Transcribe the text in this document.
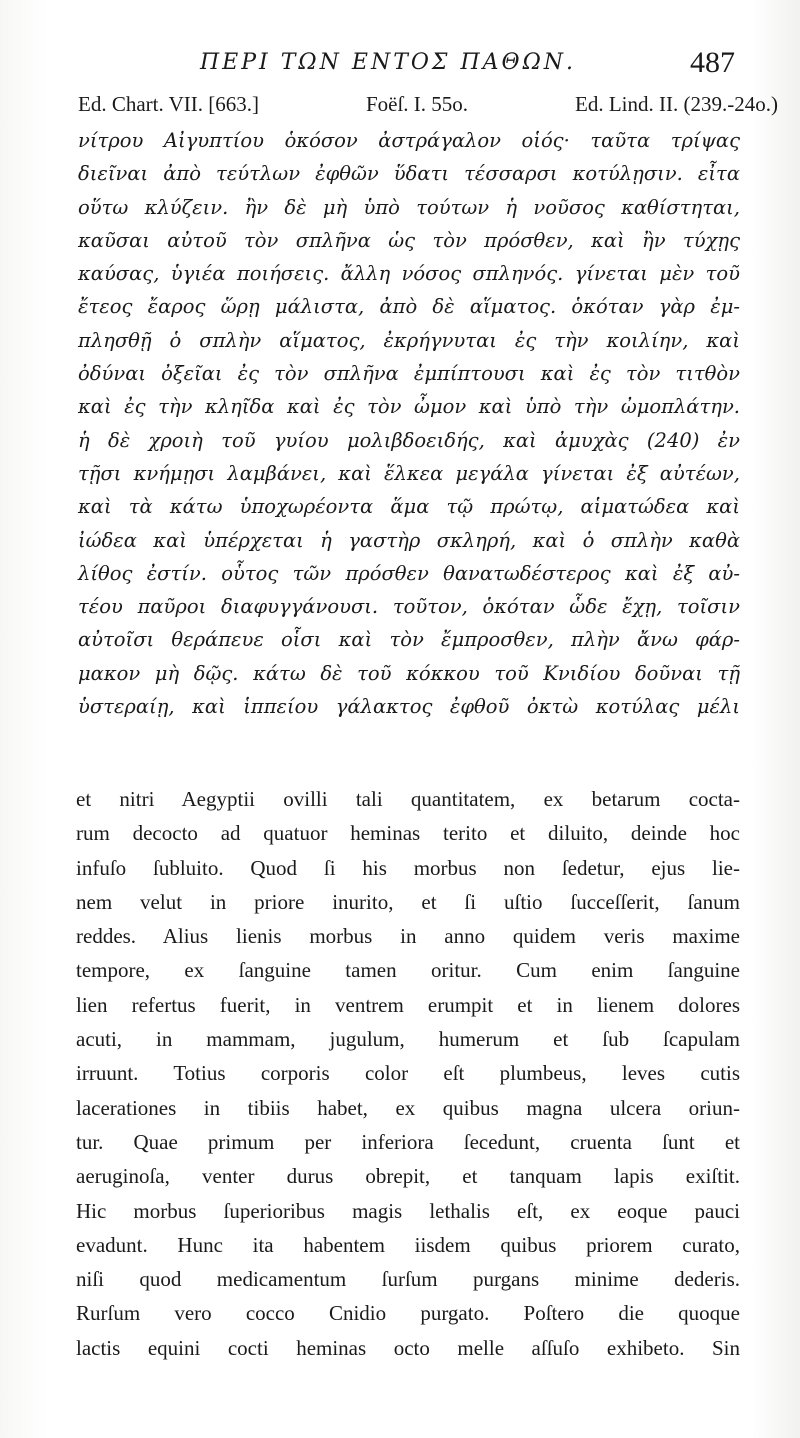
ΠΕΡΙ ΤΩΝ ΕΝΤΟΣ ΠΑΘΩΝ.	487
Ed. Chart. VII. [663.]	Foëſ. I. 55o.	Ed. Lind. II. (239.-24o.)
νίτρου Αἰγυπτίου ὁκόσον ἀστράγαλον οἱός· ταῦτα τρίψας
διεῖναι ἀπὸ τεύτλων ἐφθῶν ὕδατι τέσσαρσι κοτύλῃσιν. εἶτα
οὕτω κλύζειν. ἢν δὲ μὴ ὑπὸ τούτων ἡ νοῦσος καθίστηται,
καῦσαι αὐτοῦ τὸν σπλῆνα ὡς τὸν πρόσθεν, καὶ ἢν τύχῃς
καύσας, ὑγιέα ποιήσεις. ἄλλη νόσος σπληνός. γίνεται μὲν τοῦ
ἔτεος ἔαρος ὥρῃ μάλιστα, ἀπὸ δὲ αἵματος. ὁκόταν γὰρ ἐμ-
πλησθῇ ὁ σπλὴν αἵματος, ἐκρήγνυται ἐς τὴν κοιλίην, καὶ
ὀδύναι ὀξεῖαι ἐς τὸν σπλῆνα ἐμπίπτουσι καὶ ἐς τὸν τιτθὸν
καὶ ἐς τὴν κληῖδα καὶ ἐς τὸν ὦμον καὶ ὑπὸ τὴν ὠμοπλάτην.
ἡ δὲ χροιὴ τοῦ γυίου μολιβδοειδής, καὶ ἀμυχὰς (240) ἐν
τῇσι κνήμῃσι λαμβάνει, καὶ ἕλκεα μεγάλα γίνεται ἐξ αὐτέων,
καὶ τὰ κάτω ὑποχωρέοντα ἅμα τῷ πρώτῳ, αἱματώδεα καὶ
ἰώδεα καὶ ὑπέρχεται ἡ γαστὴρ σκληρή, καὶ ὁ σπλὴν καθὰ
λίθος ἐστίν. οὗτος τῶν πρόσθεν θανατωδέστερος καὶ ἐξ αὐ-
τέου παῦροι διαφυγγάνουσι. τοῦτον, ὁκόταν ὧδε ἔχῃ, τοῖσιν
αὐτοῖσι θεράπευε οἷσι καὶ τὸν ἔμπροσθεν, πλὴν ἄνω φάρ-
μακον μὴ δῷς. κάτω δὲ τοῦ κόκκου τοῦ Κνιδίου δοῦναι τῇ
ὑστεραίῃ, καὶ ἱππείου γάλακτος ἐφθοῦ ὀκτὼ κοτύλας μέλι
et nitri Aegyptii ovilli tali quantitatem, ex betarum cocta-
rum decocto ad quatuor heminas terito et diluito, deinde hoc
infuſo ſubluito. Quod ſi his morbus non ſedetur, ejus lie-
nem velut in priore inurito, et ſi uſtio ſucceſſerit, ſanum
reddes. Alius lienis morbus in anno quidem veris maxime
tempore, ex ſanguine tamen oritur. Cum enim ſanguine
lien refertus fuerit, in ventrem erumpit et in lienem dolores
acuti, in mammam, jugulum, humerum et ſub ſcapulam
irruunt. Totius corporis color eſt plumbeus, leves cutis
lacerationes in tibiis habet, ex quibus magna ulcera oriun-
tur. Quae primum per inferiora ſecedunt, cruenta ſunt et
aeruginoſa, venter durus obrepit, et tanquam lapis exiſtit.
Hic morbus ſuperioribus magis lethalis eſt, ex eoque pauci
evadunt. Hunc ita habentem iisdem quibus priorem curato,
niſi quod medicamentum ſurſum purgans minime dederis.
Rurſum vero cocco Cnidio purgato. Poſtero die quoque
lactis equini cocti heminas octo melle aſſuſo exhibeto. Sin
